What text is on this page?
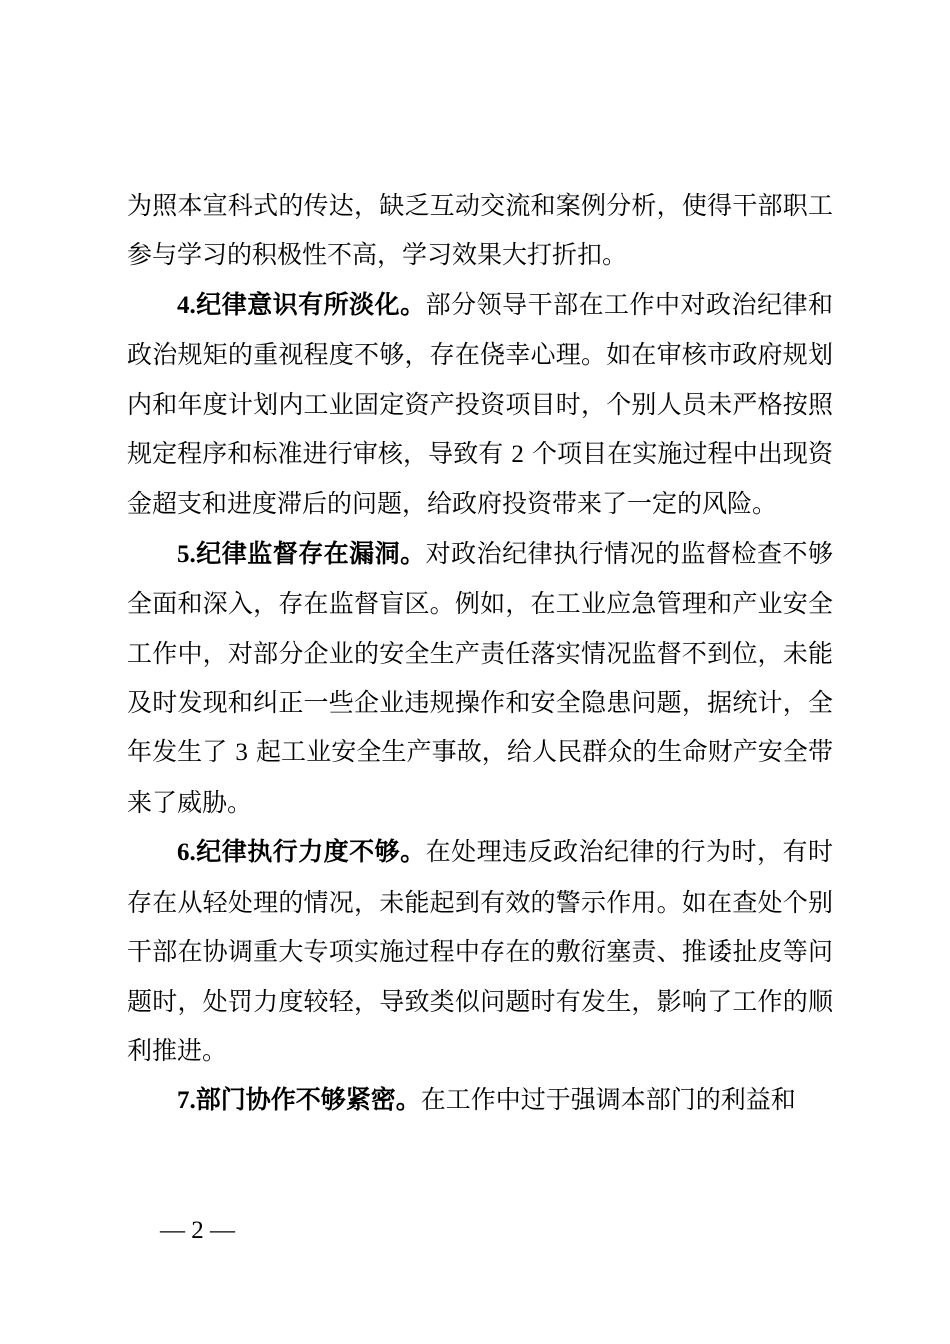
为照本宣科式的传达，缺乏互动交流和案例分析，使得干部职工参与学习的积极性不高，学习效果大打折扣。

4.纪律意识有所淡化。部分领导干部在工作中对政治纪律和政治规矩的重视程度不够，存在侥幸心理。如在审核市政府规划内和年度计划内工业固定资产投资项目时，个别人员未严格按照规定程序和标准进行审核，导致有 2 个项目在实施过程中出现资金超支和进度滞后的问题，给政府投资带来了一定的风险。

5.纪律监督存在漏洞。对政治纪律执行情况的监督检查不够全面和深入，存在监督盲区。例如，在工业应急管理和产业安全工作中，对部分企业的安全生产责任落实情况监督不到位，未能及时发现和纠正一些企业违规操作和安全隐患问题，据统计，全年发生了 3 起工业安全生产事故，给人民群众的生命财产安全带来了威胁。

6.纪律执行力度不够。在处理违反政治纪律的行为时，有时存在从轻处理的情况，未能起到有效的警示作用。如在查处个别干部在协调重大专项实施过程中存在的敷衍塞责、推诿扯皮等问题时，处罚力度较轻，导致类似问题时有发生，影响了工作的顺利推进。

7.部门协作不够紧密。在工作中过于强调本部门的利益和

— 2 —
